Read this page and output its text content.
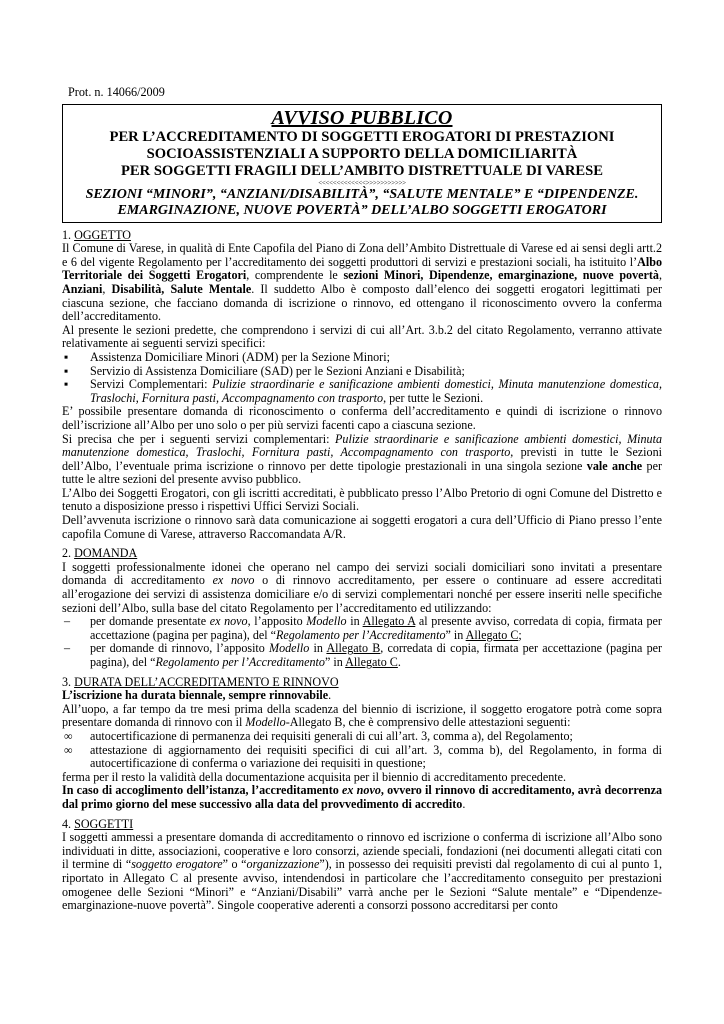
Prot. n. 14066/2009
AVVISO PUBBLICO
PER L’ACCREDITAMENTO DI SOGGETTI EROGATORI DI PRESTAZIONI
SOCIOASSISTENZIALI A SUPPORTO DELLA DOMICILIARITÀ
PER SOGGETTI FRAGILI DELL’AMBITO DISTRETTUALE DI VARESE
<<<<<<<<<<<<<>>>>>>>>>>>
SEZIONI “MINORI”, “ANZIANI/DISABILITÀ”, “SALUTE MENTALE” E “DIPENDENZE.
EMARGINAZIONE, NUOVE POVERTÀ” DELL’ALBO SOGGETTI EROGATORI
1. OGGETTO

Il Comune di Varese, in qualità di Ente Capofila del Piano di Zona dell’Ambito Distrettuale di Varese ed ai sensi degli artt.2 e 6 del vigente Regolamento per l’accreditamento dei soggetti produttori di servizi e prestazioni sociali, ha istituito l’Albo Territoriale dei Soggetti Erogatori, comprendente le sezioni Minori, Dipendenze, emarginazione, nuove povertà, Anziani, Disabilità, Salute Mentale. Il suddetto Albo è composto dall’elenco dei soggetti erogatori legittimati per ciascuna sezione, che facciano domanda di iscrizione o rinnovo, ed ottengano il riconoscimento ovvero la conferma dell’accreditamento.

Al presente le sezioni predette, che comprendono i servizi di cui all’Art. 3.b.2 del citato Regolamento, verranno attivate relativamente ai seguenti servizi specifici:

▪ Assistenza Domiciliare Minori (ADM) per la Sezione Minori;
▪ Servizio di Assistenza Domiciliare (SAD) per le Sezioni Anziani e Disabilità;
▪ Servizi Complementari: Pulizie straordinarie e sanificazione ambienti domestici, Minuta manutenzione domestica, Traslochi, Fornitura pasti, Accompagnamento con trasporto, per tutte le Sezioni.

E’ possibile presentare domanda di riconoscimento o conferma dell’accreditamento e quindi di iscrizione o rinnovo dell’iscrizione all’Albo per uno solo o per più servizi facenti capo a ciascuna sezione.

Si precisa che per i seguenti servizi complementari: Pulizie straordinarie e sanificazione ambienti domestici, Minuta manutenzione domestica, Traslochi, Fornitura pasti, Accompagnamento con trasporto, previsti in tutte le Sezioni dell’Albo, l’eventuale prima iscrizione o rinnovo per dette tipologie prestazionali in una singola sezione vale anche per tutte le altre sezioni del presente avviso pubblico.

L’Albo dei Soggetti Erogatori, con gli iscritti accreditati, è pubblicato presso l’Albo Pretorio di ogni Comune del Distretto e tenuto a disposizione presso i rispettivi Uffici Servizi Sociali.

Dell’avvenuta iscrizione o rinnovo sarà data comunicazione ai soggetti erogatori a cura dell’Ufficio di Piano presso l’ente capofila Comune di Varese, attraverso Raccomandata A/R.

2. DOMANDA

I soggetti professionalmente idonei che operano nel campo dei servizi sociali domiciliari sono invitati a presentare domanda di accreditamento ex novo o di rinnovo accreditamento, per essere o continuare ad essere accreditati all’erogazione dei servizi di assistenza domiciliare e/o di servizi complementari nonché per essere inseriti nelle specifiche sezioni dell’Albo, sulla base del citato Regolamento per l’accreditamento ed utilizzando:

– per domande presentate ex novo, l’apposito Modello in Allegato A al presente avviso, corredata di copia, firmata per accettazione (pagina per pagina), del “Regolamento per l’Accreditamento” in Allegato C;
– per domande di rinnovo, l’apposito Modello in Allegato B, corredata di copia, firmata per accettazione (pagina per pagina), del “Regolamento per l’Accreditamento” in Allegato C.
3. DURATA DELL’ACCREDITAMENTO E RINNOVO

L’iscrizione ha durata biennale, sempre rinnovabile.

All’uopo, a far tempo da tre mesi prima della scadenza del biennio di iscrizione, il soggetto erogatore potrà come sopra presentare domanda di rinnovo con il Modello-Allegato B, che è comprensivo delle attestazioni seguenti:

∞ autocertificazione di permanenza dei requisiti generali di cui all’art. 3, comma a), del Regolamento;
∞ attestazione di aggiornamento dei requisiti specifici di cui all’art. 3, comma b), del Regolamento, in forma di autocertificazione di conferma o variazione dei requisiti in questione;

ferma per il resto la validità della documentazione acquisita per il biennio di accreditamento precedente.

In caso di accoglimento dell’istanza, l’accreditamento ex novo, ovvero il rinnovo di accreditamento, avrà decorrenza dal primo giorno del mese successivo alla data del provvedimento di accredito.

4. SOGGETTI

I soggetti ammessi a presentare domanda di accreditamento o rinnovo ed iscrizione o conferma di iscrizione all’Albo sono individuati in ditte, associazioni, cooperative e loro consorzi, aziende speciali, fondazioni (nei documenti allegati citati con il termine di “soggetto erogatore” o “organizzazione”), in possesso dei requisiti previsti dal regolamento di cui al punto 1, riportato in Allegato C al presente avviso, intendendosi in particolare che l’accreditamento conseguito per prestazioni omogenee delle Sezioni “Minori” e “Anziani/Disabili” varrà anche per le Sezioni “Salute mentale” e “Dipendenze-emarginazione-nuove povertà”. Singole cooperative aderenti a consorzi possono accreditarsi per conto
